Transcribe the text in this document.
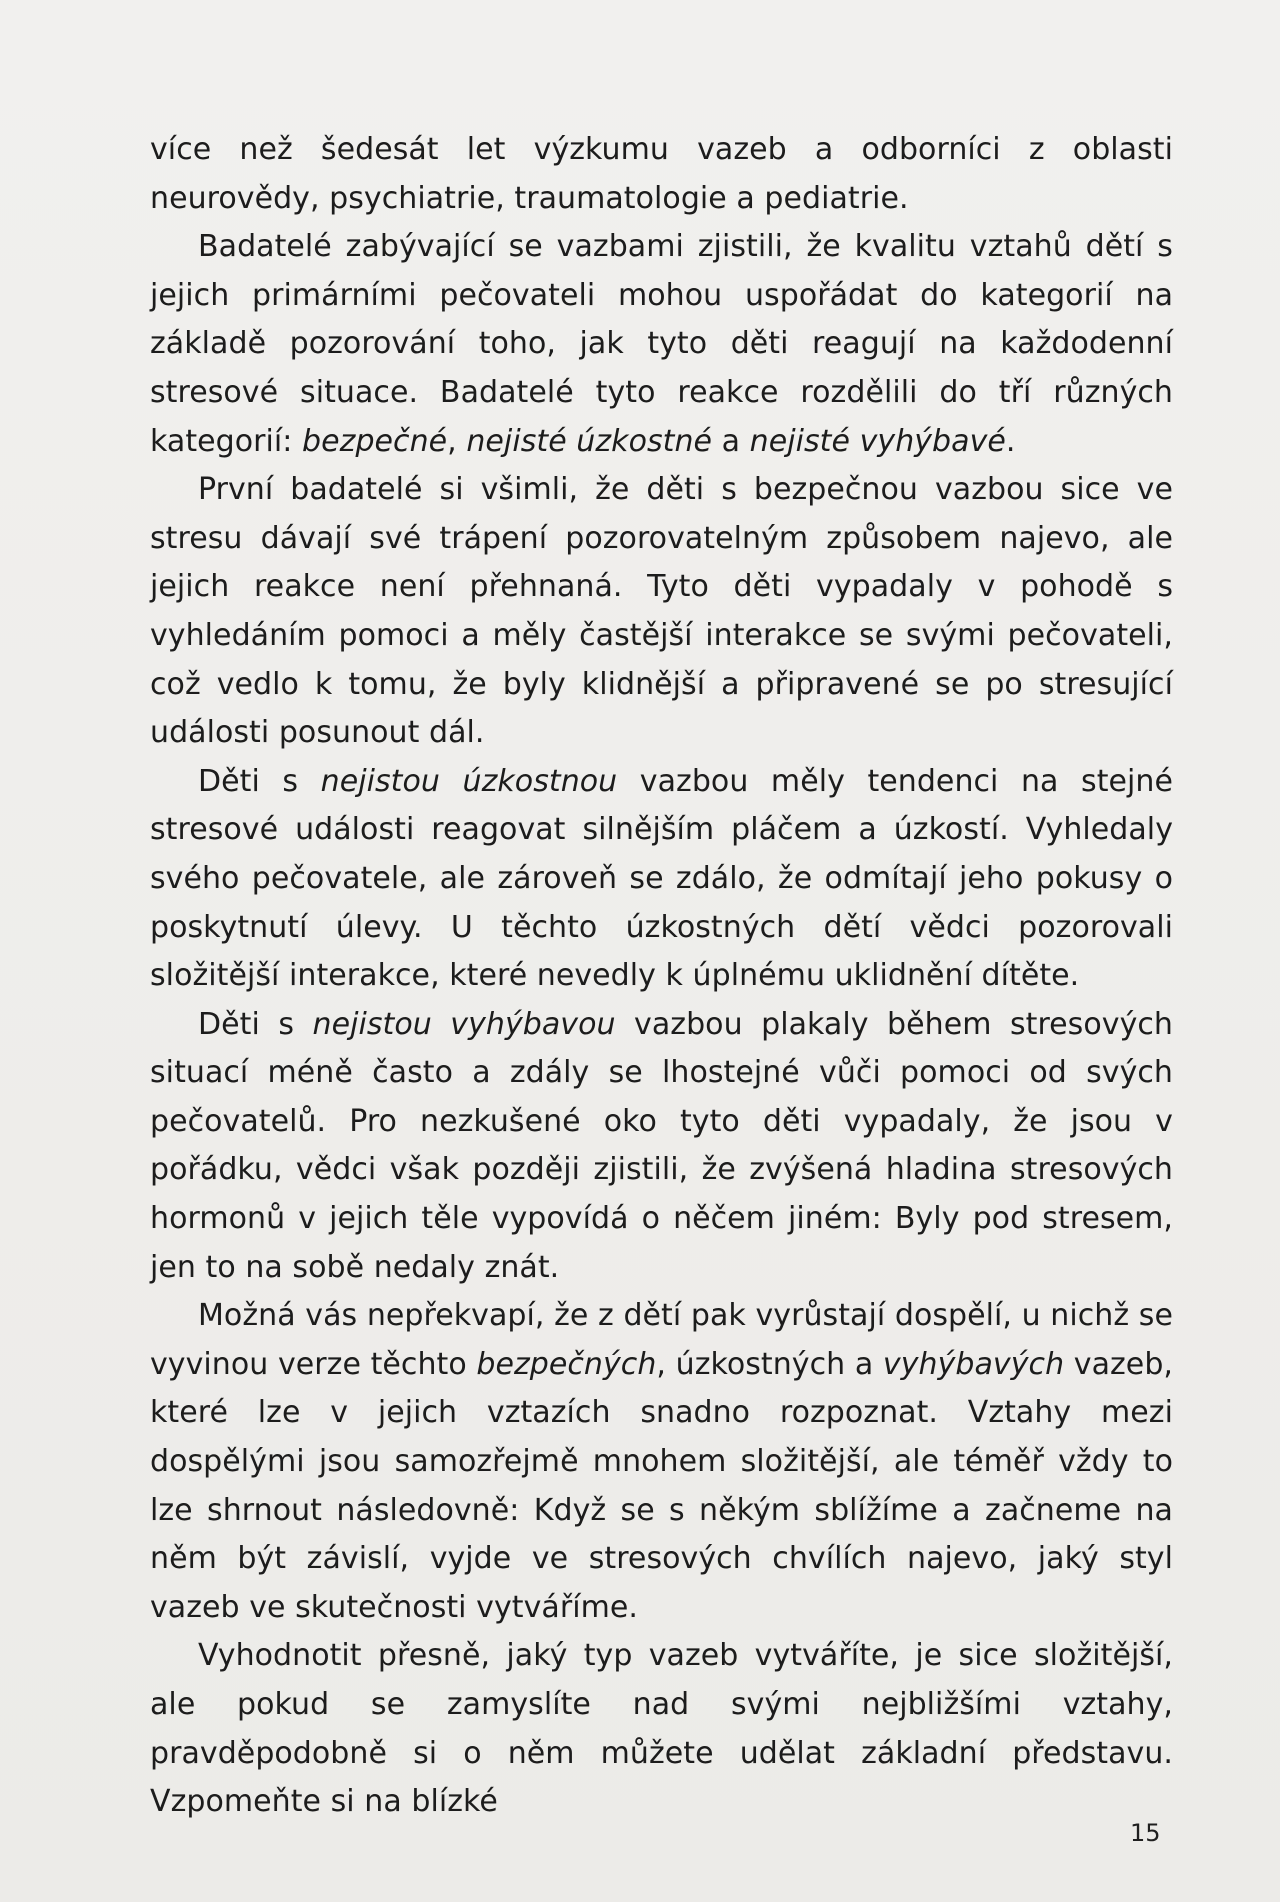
více než šedesát let výzkumu vazeb a odborníci z oblasti neurovědy, psychiatrie, traumatologie a pediatrie.

Badatelé zabývající se vazbami zjistili, že kvalitu vztahů dětí s jejich primárními pečovateli mohou uspořádat do kategorií na základě pozorování toho, jak tyto děti reagují na každodenní stresové situace. Badatelé tyto reakce rozdělili do tří různých kategorií: bezpečné, nejisté úzkostné a nejisté vyhýbavé.

První badatelé si všimli, že děti s bezpečnou vazbou sice ve stresu dávají své trápení pozorovatelným způsobem najevo, ale jejich reakce není přehnaná. Tyto děti vypadaly v pohodě s vyhledáním pomoci a měly častější interakce se svými pečovateli, což vedlo k tomu, že byly klidnější a připravené se po stresující události posunout dál.

Děti s nejistou úzkostnou vazbou měly tendenci na stejné stresové události reagovat silnějším pláčem a úzkostí. Vyhledaly svého pečovatele, ale zároveň se zdálo, že odmítají jeho pokusy o poskytnutí úlevy. U těchto úzkostných dětí vědci pozorovali složitější interakce, které nevedly k úplnému uklidnění dítěte.

Děti s nejistou vyhýbavou vazbou plakaly během stresových situací méně často a zdály se lhostejné vůči pomoci od svých pečovatelů. Pro nezkušené oko tyto děti vypadaly, že jsou v pořádku, vědci však později zjistili, že zvýšená hladina stresových hormonů v jejich těle vypovídá o něčem jiném: Byly pod stresem, jen to na sobě nedaly znát.

Možná vás nepřekvapí, že z dětí pak vyrůstají dospělí, u nichž se vyvinou verze těchto bezpečných, úzkostných a vyhýbavých vazeb, které lze v jejich vztazích snadno rozpoznat. Vztahy mezi dospělými jsou samozřejmě mnohem složitější, ale téměř vždy to lze shrnout následovně: Když se s někým sblížíme a začneme na něm být závislí, vyjde ve stresových chvílích najevo, jaký styl vazeb ve skutečnosti vytváříme.

Vyhodnotit přesně, jaký typ vazeb vytváříte, je sice složitější, ale pokud se zamyslíte nad svými nejbližšími vztahy, pravděpodobně si o něm můžete udělat základní představu. Vzpomeňte si na blízké

15
